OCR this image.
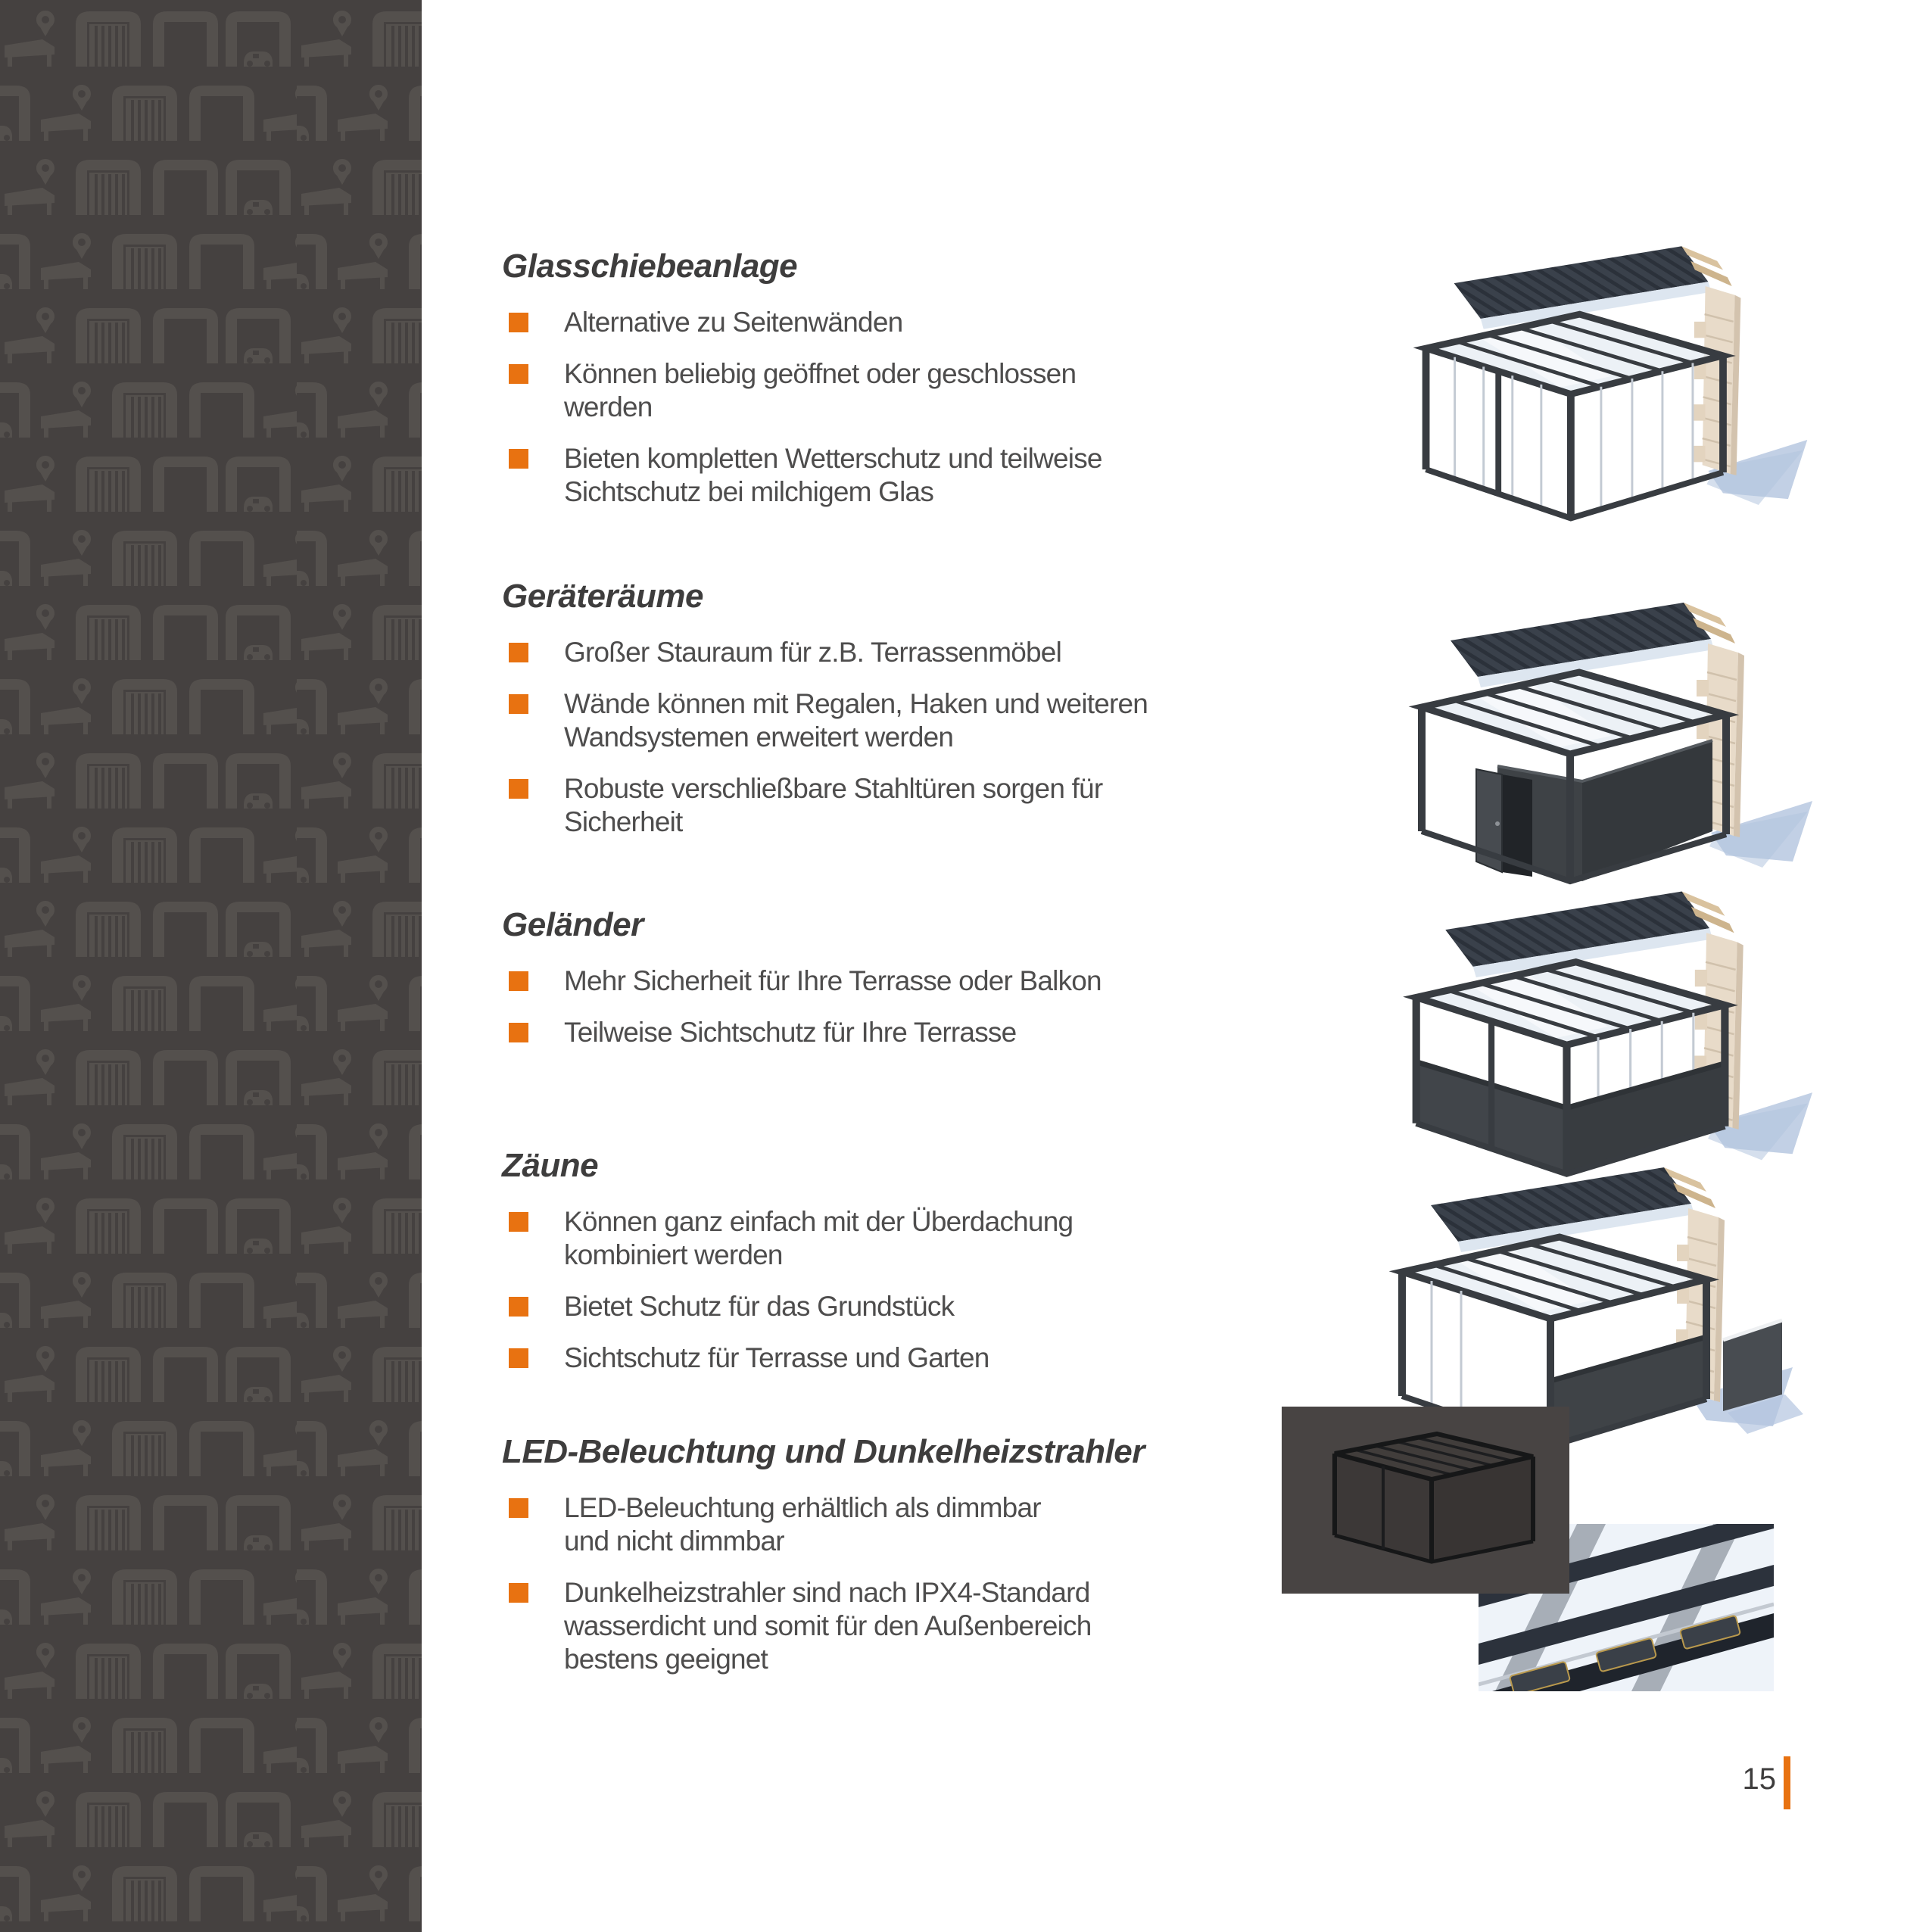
Glasschiebeanlage
Alternative zu Seitenwänden
Können beliebig geöffnet oder geschlossen
werden
Bieten kompletten Wetterschutz und teilweise
Sichtschutz bei milchigem Glas
Geräteräume
Großer Stauraum für z.B. Terrassenmöbel
Wände können mit Regalen, Haken und weiteren
Wandsystemen erweitert werden
Robuste verschließbare Stahltüren sorgen für
Sicherheit
Geländer
Mehr Sicherheit für Ihre Terrasse oder Balkon
Teilweise Sichtschutz für Ihre Terrasse
Zäune
Können ganz einfach mit der Überdachung
kombiniert werden
Bietet Schutz für das Grundstück
Sichtschutz für Terrasse und Garten
LED-Beleuchtung und Dunkelheizstrahler
LED-Beleuchtung erhältlich als dimmbar
und nicht dimmbar
Dunkelheizstrahler sind nach IPX4-Standard
wasserdicht und somit für den Außenbereich
bestens geeignet
15
